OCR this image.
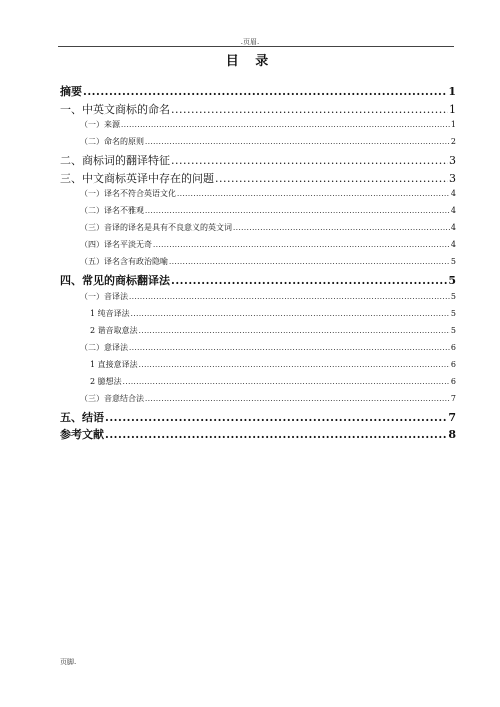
.页眉.
目 录
摘要 .....	1
一、中英文商标的命名 .....	1
（一）来源 .....	1
（二）命名的原则 .....	2
二、商标词的翻译特征 .....	3
三、中文商标英译中存在的问题 .....	3
（一）译名不符合英语文化 .....	4
（二）译名不雅观 .....	4
（三）音译的译名是具有不良意义的英文词 .....	4
（四）译名平淡无奇 .....	4
（五）译名含有政治隐喻 .....	5
四、常见的商标翻译法 .....	5
（一）音译法 .....	5
1 纯音译法 .....	5
2 谐音取意法 .....	5
（二）意译法 .....	6
1 直接意译法 .....	6
2 臆想法 .....	6
（三）音意结合法 .....	7
五、结语 .....	7
参考文献 .....	8
页脚.
